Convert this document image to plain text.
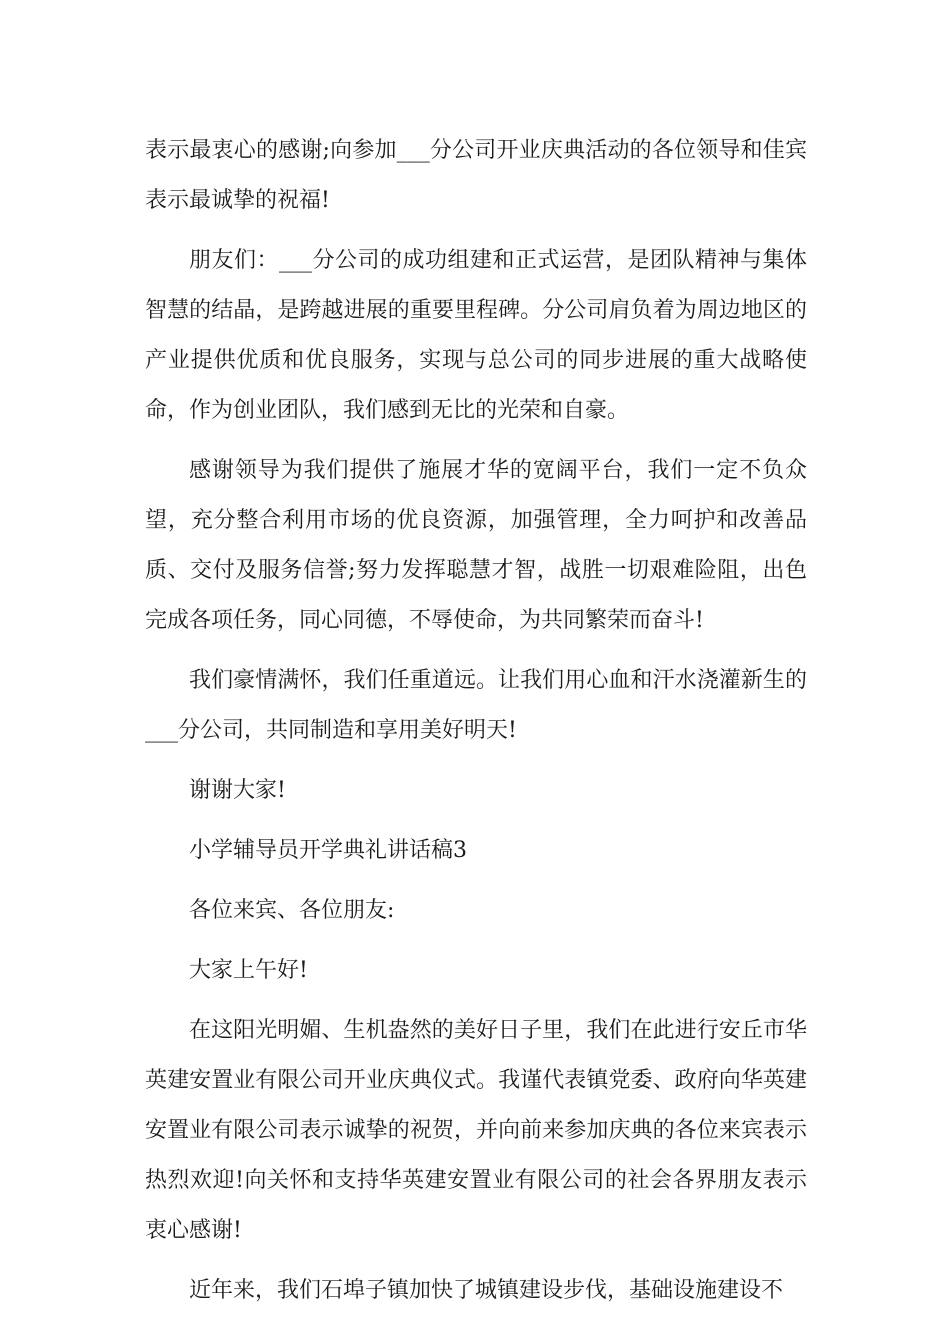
表示最衷心的感谢;向参加___分公司开业庆典活动的各位领导和佳宾表示最诚挚的祝福!

朋友们：___分公司的成功组建和正式运营，是团队精神与集体智慧的结晶，是跨越进展的重要里程碑。分公司肩负着为周边地区的产业提供优质和优良服务，实现与总公司的同步进展的重大战略使命，作为创业团队，我们感到无比的光荣和自豪。

感谢领导为我们提供了施展才华的宽阔平台，我们一定不负众望，充分整合利用市场的优良资源，加强管理，全力呵护和改善品质、交付及服务信誉;努力发挥聪慧才智，战胜一切艰难险阻，出色完成各项任务，同心同德，不辱使命，为共同繁荣而奋斗!

我们豪情满怀，我们任重道远。让我们用心血和汗水浇灌新生的___分公司，共同制造和享用美好明天!

谢谢大家!

小学辅导员开学典礼讲话稿3

各位来宾、各位朋友:

大家上午好!

在这阳光明媚、生机盎然的美好日子里，我们在此进行安丘市华英建安置业有限公司开业庆典仪式。我谨代表镇党委、政府向华英建安置业有限公司表示诚挚的祝贺，并向前来参加庆典的各位来宾表示热烈欢迎!向关怀和支持华英建安置业有限公司的社会各界朋友表示衷心感谢!

近年来，我们石埠子镇加快了城镇建设步伐，基础设施建设不
